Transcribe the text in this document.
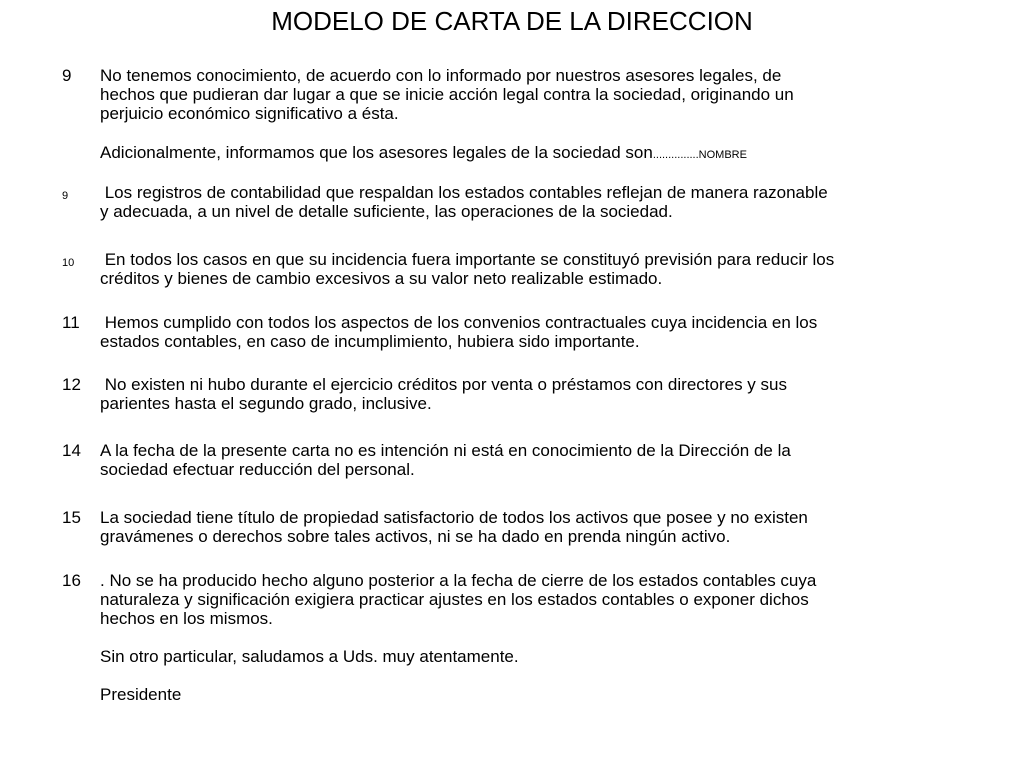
MODELO DE CARTA DE LA DIRECCION
9 No tenemos conocimiento, de acuerdo con lo informado por nuestros asesores legales, de
hechos que pudieran dar lugar a que se inicie acción legal contra la sociedad, originando un
perjuicio económico significativo a ésta.
Adicionalmente, informamos que los asesores legales de la sociedad son...............NOMBRE
9 Los registros de contabilidad que respaldan los estados contables reflejan de manera razonable
y adecuada, a un nivel de detalle suficiente, las operaciones de la sociedad.
10 En todos los casos en que su incidencia fuera importante se constituyó previsión para reducir los
créditos y bienes de cambio excesivos a su valor neto realizable estimado.
11 Hemos cumplido con todos los aspectos de los convenios contractuales cuya incidencia en los
estados contables, en caso de incumplimiento, hubiera sido importante.
12 No existen ni hubo durante el ejercicio créditos por venta o préstamos con directores y sus
parientes hasta el segundo grado, inclusive.
14 A la fecha de la presente carta no es intención ni está en conocimiento de la Dirección de la
sociedad efectuar reducción del personal.
15 La sociedad tiene título de propiedad satisfactorio de todos los activos que posee y no existen
gravámenes o derechos sobre tales activos, ni se ha dado en prenda ningún activo.
16 . No se ha producido hecho alguno posterior a la fecha de cierre de los estados contables cuya
naturaleza y significación exigiera practicar ajustes en los estados contables o exponer dichos
hechos en los mismos.
Sin otro particular, saludamos a Uds. muy atentamente.
Presidente
